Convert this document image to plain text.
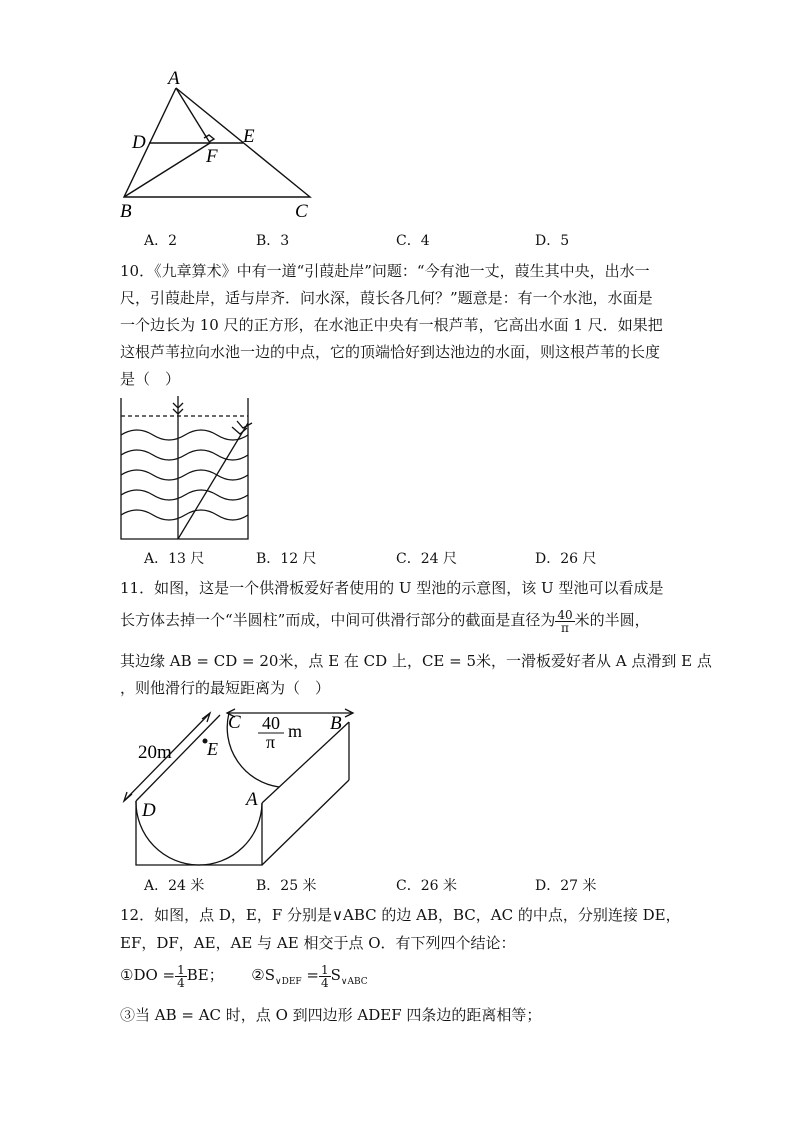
A
D	E
F
B	C
A．2	B．3	C．4	D．5
10．《九章算术》中有一道“引葭赴岸”问题：“今有池一丈，葭生其中央，出水一
尺，引葭赴岸，适与岸齐．问水深，葭长各几何？”题意是：有一个水池，水面是
一个边长为 10 尺的正方形，在水池正中央有一根芦苇，它高出水面 1 尺．如果把
这根芦苇拉向水池一边的中点，它的顶端恰好到达池边的水面，则这根芦苇的长度
是（　）
A．13 尺	B．12 尺	C．24 尺	D．26 尺
11．如图，这是一个供滑板爱好者使用的 U 型池的示意图，该 U 型池可以看成是
长方体去掉一个“半圆柱”而成，中间可供滑行部分的截面是直径为 $\frac{40}{\pi}$ 米的半圆，
其边缘 AB = CD = 20米，点 E 在 CD 上，CE = 5米，一滑板爱好者从 A 点滑到 E 点
，则他滑行的最短距离为（　）
20m E
C	B
D
A
40
π
m
A．24 米	B．25 米	C．26 米	D．27 米
12．如图，点 D，E，F 分别是∨ABC 的边 AB，BC，AC 的中点，分别连接 DE，
EF，DF，AE，AE 与 AE 相交于点 O．有下列四个结论：
①DO = $\frac{1}{4}$ BE； $②S_{\vee DEF} = \frac{1}{4} S_{\vee ABC}$
③当 AB = AC 时，点 O 到四边形 ADEF 四条边的距离相等；
